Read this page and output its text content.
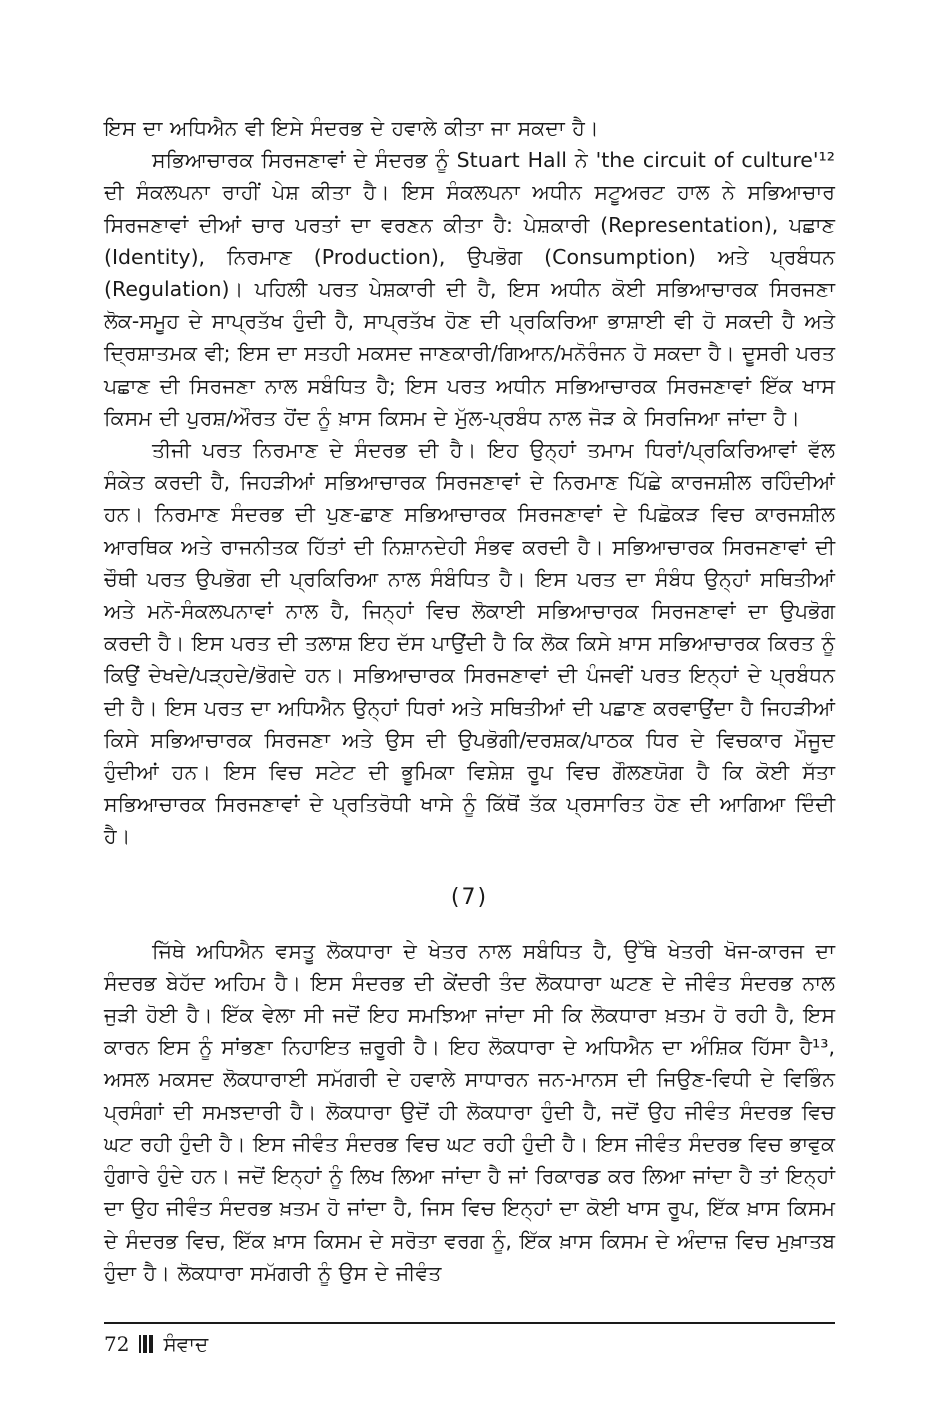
ਇਸ ਦਾ ਅਧਿਐਨ ਵੀ ਇਸੇ ਸੰਦਰਭ ਦੇ ਹਵਾਲੇ ਕੀਤਾ ਜਾ ਸਕਦਾ ਹੈ।

ਸਭਿਆਚਾਰਕ ਸਿਰਜਣਾਵਾਂ ਦੇ ਸੰਦਰਭ ਨੂੰ Stuart Hall ਨੇ 'the circuit of culture'¹² ਦੀ ਸੰਕਲਪਨਾ ਰਾਹੀਂ ਪੇਸ਼ ਕੀਤਾ ਹੈ। ਇਸ ਸੰਕਲਪਨਾ ਅਧੀਨ ਸਟੂਅਰਟ ਹਾਲ ਨੇ ਸਭਿਆਚਾਰ ਸਿਰਜਣਾਵਾਂ ਦੀਆਂ ਚਾਰ ਪਰਤਾਂ ਦਾ ਵਰਣਨ ਕੀਤਾ ਹੈ: ਪੇਸ਼ਕਾਰੀ (Representation), ਪਛਾਣ (Identity), ਨਿਰਮਾਣ (Production), ਉਪਭੋਗ (Consumption) ਅਤੇ ਪ੍ਰਬੰਧਨ (Regulation)। ਪਹਿਲੀ ਪਰਤ ਪੇਸ਼ਕਾਰੀ ਦੀ ਹੈ, ਇਸ ਅਧੀਨ ਕੋਈ ਸਭਿਆਚਾਰਕ ਸਿਰਜਣਾ ਲੋਕ-ਸਮੂਹ ਦੇ ਸਾਪ੍ਰਤੱਖ ਹੁੰਦੀ ਹੈ, ਸਾਪ੍ਰਤੱਖ ਹੋਣ ਦੀ ਪ੍ਰਕਿਰਿਆ ਭਾਸ਼ਾਈ ਵੀ ਹੋ ਸਕਦੀ ਹੈ ਅਤੇ ਦ੍ਰਿਸ਼ਾਤਮਕ ਵੀ; ਇਸ ਦਾ ਸਤਹੀ ਮਕਸਦ ਜਾਣਕਾਰੀ/ਗਿਆਨ/ਮਨੋਰੰਜਨ ਹੋ ਸਕਦਾ ਹੈ। ਦੂਸਰੀ ਪਰਤ ਪਛਾਣ ਦੀ ਸਿਰਜਣਾ ਨਾਲ ਸਬੰਧਿਤ ਹੈ; ਇਸ ਪਰਤ ਅਧੀਨ ਸਭਿਆਚਾਰਕ ਸਿਰਜਣਾਵਾਂ ਇੱਕ ਖਾਸ ਕਿਸਮ ਦੀ ਪੁਰਸ਼/ਔਰਤ ਹੋਂਦ ਨੂੰ ਖ਼ਾਸ ਕਿਸਮ ਦੇ ਮੁੱਲ-ਪ੍ਰਬੰਧ ਨਾਲ ਜੋੜ ਕੇ ਸਿਰਜਿਆ ਜਾਂਦਾ ਹੈ।

ਤੀਜੀ ਪਰਤ ਨਿਰਮਾਣ ਦੇ ਸੰਦਰਭ ਦੀ ਹੈ। ਇਹ ਉਨ੍ਹਾਂ ਤਮਾਮ ਧਿਰਾਂ/ਪ੍ਰਕਿਰਿਆਵਾਂ ਵੱਲ ਸੰਕੇਤ ਕਰਦੀ ਹੈ, ਜਿਹੜੀਆਂ ਸਭਿਆਚਾਰਕ ਸਿਰਜਣਾਵਾਂ ਦੇ ਨਿਰਮਾਣ ਪਿੱਛੇ ਕਾਰਜਸ਼ੀਲ ਰਹਿੰਦੀਆਂ ਹਨ। ਨਿਰਮਾਣ ਸੰਦਰਭ ਦੀ ਪੁਣ-ਛਾਣ ਸਭਿਆਚਾਰਕ ਸਿਰਜਣਾਵਾਂ ਦੇ ਪਿਛੋਕੜ ਵਿਚ ਕਾਰਜਸ਼ੀਲ ਆਰਥਿਕ ਅਤੇ ਰਾਜਨੀਤਕ ਹਿੱਤਾਂ ਦੀ ਨਿਸ਼ਾਨਦੇਹੀ ਸੰਭਵ ਕਰਦੀ ਹੈ। ਸਭਿਆਚਾਰਕ ਸਿਰਜਣਾਵਾਂ ਦੀ ਚੌਥੀ ਪਰਤ ਉਪਭੋਗ ਦੀ ਪ੍ਰਕਿਰਿਆ ਨਾਲ ਸੰਬੰਧਿਤ ਹੈ। ਇਸ ਪਰਤ ਦਾ ਸੰਬੰਧ ਉਨ੍ਹਾਂ ਸਥਿਤੀਆਂ ਅਤੇ ਮਨੋ-ਸੰਕਲਪਨਾਵਾਂ ਨਾਲ ਹੈ, ਜਿਨ੍ਹਾਂ ਵਿਚ ਲੋਕਾਈ ਸਭਿਆਚਾਰਕ ਸਿਰਜਣਾਵਾਂ ਦਾ ਉਪਭੋਗ ਕਰਦੀ ਹੈ। ਇਸ ਪਰਤ ਦੀ ਤਲਾਸ਼ ਇਹ ਦੱਸ ਪਾਉਂਦੀ ਹੈ ਕਿ ਲੋਕ ਕਿਸੇ ਖ਼ਾਸ ਸਭਿਆਚਾਰਕ ਕਿਰਤ ਨੂੰ ਕਿਉਂ ਦੇਖਦੇ/ਪੜ੍ਹਦੇ/ਭੋਗਦੇ ਹਨ। ਸਭਿਆਚਾਰਕ ਸਿਰਜਣਾਵਾਂ ਦੀ ਪੰਜਵੀਂ ਪਰਤ ਇਨ੍ਹਾਂ ਦੇ ਪ੍ਰਬੰਧਨ ਦੀ ਹੈ। ਇਸ ਪਰਤ ਦਾ ਅਧਿਐਨ ਉਨ੍ਹਾਂ ਧਿਰਾਂ ਅਤੇ ਸਥਿਤੀਆਂ ਦੀ ਪਛਾਣ ਕਰਵਾਉਂਦਾ ਹੈ ਜਿਹੜੀਆਂ ਕਿਸੇ ਸਭਿਆਚਾਰਕ ਸਿਰਜਣਾ ਅਤੇ ਉਸ ਦੀ ਉਪਭੋਗੀ/ਦਰਸ਼ਕ/ਪਾਠਕ ਧਿਰ ਦੇ ਵਿਚਕਾਰ ਮੌਜੂਦ ਹੁੰਦੀਆਂ ਹਨ। ਇਸ ਵਿਚ ਸਟੇਟ ਦੀ ਭੂਮਿਕਾ ਵਿਸ਼ੇਸ਼ ਰੂਪ ਵਿਚ ਗੌਲਣਯੋਗ ਹੈ ਕਿ ਕੋਈ ਸੱਤਾ ਸਭਿਆਚਾਰਕ ਸਿਰਜਣਾਵਾਂ ਦੇ ਪ੍ਰਤਿਰੋਧੀ ਖਾਸੇ ਨੂੰ ਕਿੱਥੋਂ ਤੱਕ ਪ੍ਰਸਾਰਿਤ ਹੋਣ ਦੀ ਆਗਿਆ ਦਿੰਦੀ ਹੈ।

(7)

ਜਿੱਥੇ ਅਧਿਐਨ ਵਸਤੂ ਲੋਕਧਾਰਾ ਦੇ ਖੇਤਰ ਨਾਲ ਸਬੰਧਿਤ ਹੈ, ਉੱਥੇ ਖੇਤਰੀ ਖੋਜ-ਕਾਰਜ ਦਾ ਸੰਦਰਭ ਬੇਹੱਦ ਅਹਿਮ ਹੈ। ਇਸ ਸੰਦਰਭ ਦੀ ਕੇਂਦਰੀ ਤੰਦ ਲੋਕਧਾਰਾ ਘਟਣ ਦੇ ਜੀਵੰਤ ਸੰਦਰਭ ਨਾਲ ਜੁੜੀ ਹੋਈ ਹੈ। ਇੱਕ ਵੇਲਾ ਸੀ ਜਦੋਂ ਇਹ ਸਮਝਿਆ ਜਾਂਦਾ ਸੀ ਕਿ ਲੋਕਧਾਰਾ ਖ਼ਤਮ ਹੋ ਰਹੀ ਹੈ, ਇਸ ਕਾਰਨ ਇਸ ਨੂੰ ਸਾਂਭਣਾ ਨਿਹਾਇਤ ਜ਼ਰੂਰੀ ਹੈ। ਇਹ ਲੋਕਧਾਰਾ ਦੇ ਅਧਿਐਨ ਦਾ ਅੰਸ਼ਿਕ ਹਿੱਸਾ ਹੈ¹³, ਅਸਲ ਮਕਸਦ ਲੋਕਧਾਰਾਈ ਸਮੱਗਰੀ ਦੇ ਹਵਾਲੇ ਸਾਧਾਰਨ ਜਨ-ਮਾਨਸ ਦੀ ਜਿਉਣ-ਵਿਧੀ ਦੇ ਵਿਭਿੰਨ ਪ੍ਰਸੰਗਾਂ ਦੀ ਸਮਝਦਾਰੀ ਹੈ। ਲੋਕਧਾਰਾ ਉਦੋਂ ਹੀ ਲੋਕਧਾਰਾ ਹੁੰਦੀ ਹੈ, ਜਦੋਂ ਉਹ ਜੀਵੰਤ ਸੰਦਰਭ ਵਿਚ ਘਟ ਰਹੀ ਹੁੰਦੀ ਹੈ। ਇਸ ਜੀਵੰਤ ਸੰਦਰਭ ਵਿਚ ਘਟ ਰਹੀ ਹੁੰਦੀ ਹੈ। ਇਸ ਜੀਵੰਤ ਸੰਦਰਭ ਵਿਚ ਭਾਵੁਕ ਹੁੰਗਾਰੇ ਹੁੰਦੇ ਹਨ। ਜਦੋਂ ਇਨ੍ਹਾਂ ਨੂੰ ਲਿਖ ਲਿਆ ਜਾਂਦਾ ਹੈ ਜਾਂ ਰਿਕਾਰਡ ਕਰ ਲਿਆ ਜਾਂਦਾ ਹੈ ਤਾਂ ਇਨ੍ਹਾਂ ਦਾ ਉਹ ਜੀਵੰਤ ਸੰਦਰਭ ਖ਼ਤਮ ਹੋ ਜਾਂਦਾ ਹੈ, ਜਿਸ ਵਿਚ ਇਨ੍ਹਾਂ ਦਾ ਕੋਈ ਖਾਸ ਰੂਪ, ਇੱਕ ਖ਼ਾਸ ਕਿਸਮ ਦੇ ਸੰਦਰਭ ਵਿਚ, ਇੱਕ ਖ਼ਾਸ ਕਿਸਮ ਦੇ ਸਰੋਤਾ ਵਰਗ ਨੂੰ, ਇੱਕ ਖ਼ਾਸ ਕਿਸਮ ਦੇ ਅੰਦਾਜ਼ ਵਿਚ ਮੁਖ਼ਾਤਬ ਹੁੰਦਾ ਹੈ। ਲੋਕਧਾਰਾ ਸਮੱਗਰੀ ਨੂੰ ਉਸ ਦੇ ਜੀਵੰਤ

72 ਸੰਵਾਦ
